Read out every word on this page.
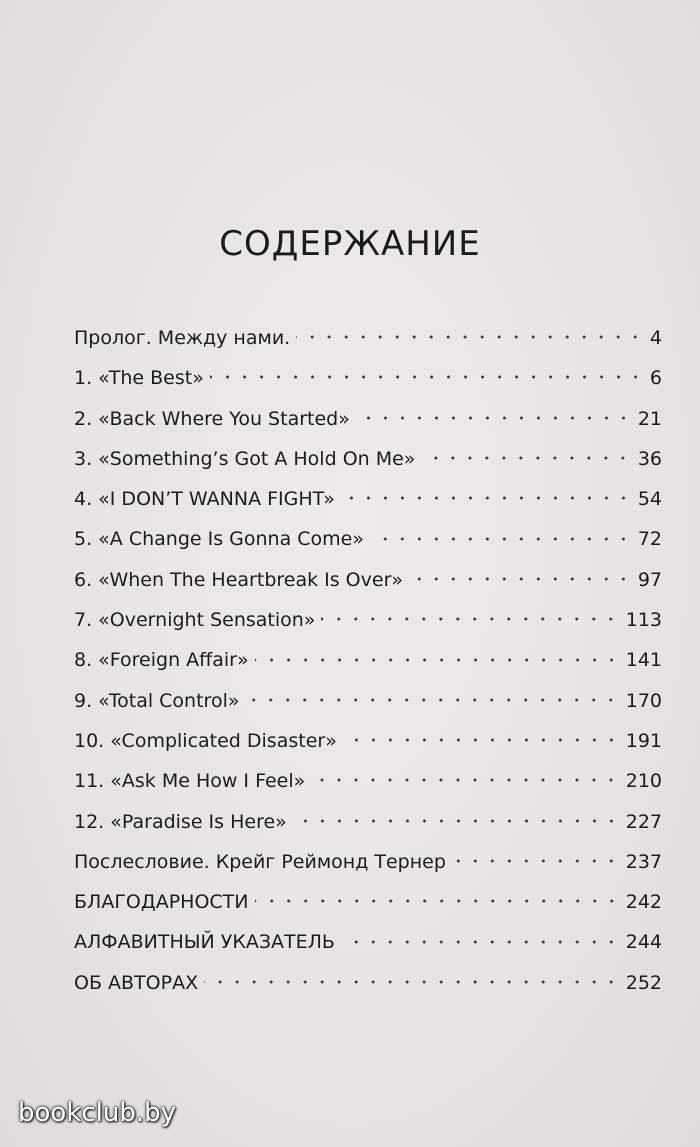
СОДЕРЖАНИЕ
Пролог. Между нами.	4
1. «The Best»	6
2. «Back Where You Started»	21
3. «Something’s Got A Hold On Me»	36
4. «I DON’T WANNA FIGHT»	54
5. «A Change Is Gonna Come»	72
6. «When The Heartbreak Is Over»	97
7. «Overnight Sensation»	113
8. «Foreign Affair»	141
9. «Total Control»	170
10. «Complicated Disaster»	191
11. «Ask Me How I Feel»	210
12. «Paradise Is Here»	227
Послесловие. Крейг Реймонд Тернер	237
БЛАГОДАРНОСТИ	242
АЛФАВИТНЫЙ УКАЗАТЕЛЬ	244
ОБ АВТОРАХ	252
bookclub.by
